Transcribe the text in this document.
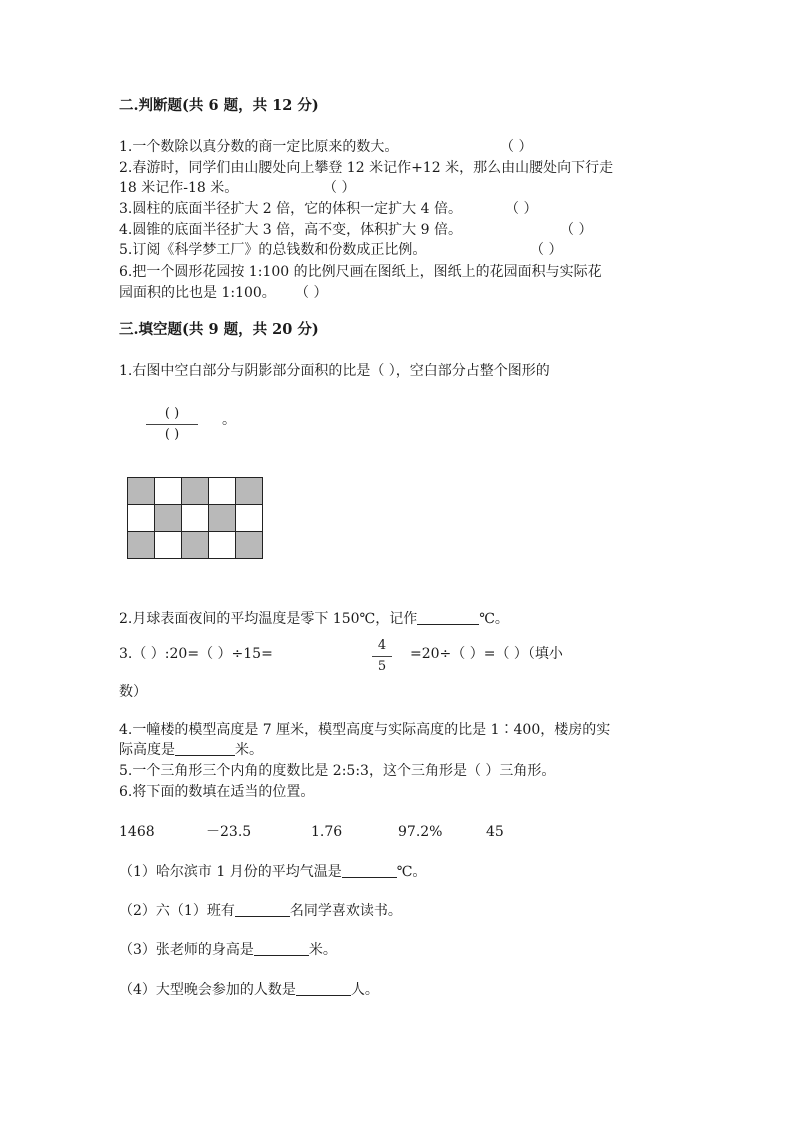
二.判断题(共 6 题，共 12 分)
1.一个数除以真分数的商一定比原来的数大。	（ ）
2.春游时，同学们由山腰处向上攀登 12 米记作+12 米，那么由山腰处向下行走
18 米记作-18 米。	（ ）
3.圆柱的底面半径扩大 2 倍，它的体积一定扩大 4 倍。	（ ）
4.圆锥的底面半径扩大 3 倍，高不变，体积扩大 9 倍。	（ ）
5.订阅《科学梦工厂》的总钱数和份数成正比例。	（ ）
6.把一个圆形花园按 1:100 的比例尺画在图纸上，图纸上的花园面积与实际花
园面积的比也是 1:100。 （ ）
三.填空题(共 9 题，共 20 分)
1.右图中空白部分与阴影部分面积的比是（ ），空白部分占整个图形的
( )
( )
。

2.月球表面夜间的平均温度是零下 150℃，记作	℃。
3.（ ）:20=（ ）÷15=
4
5
=20÷（ ）=（ ）（填小
数）
4.一幢楼的模型高度是 7 厘米，模型高度与实际高度的比是 1∶400，楼房的实
际高度是	米。
5.一个三角形三个内角的度数比是 2:5:3，这个三角形是（ ）三角形。
6.将下面的数填在适当的位置。
1468	－23.5	1.76	97.2%	45
（1）哈尔滨市 1 月份的平均气温是	℃。
（2）六（1）班有	名同学喜欢读书。
（3）张老师的身高是	米。
（4）大型晚会参加的人数是	人。
